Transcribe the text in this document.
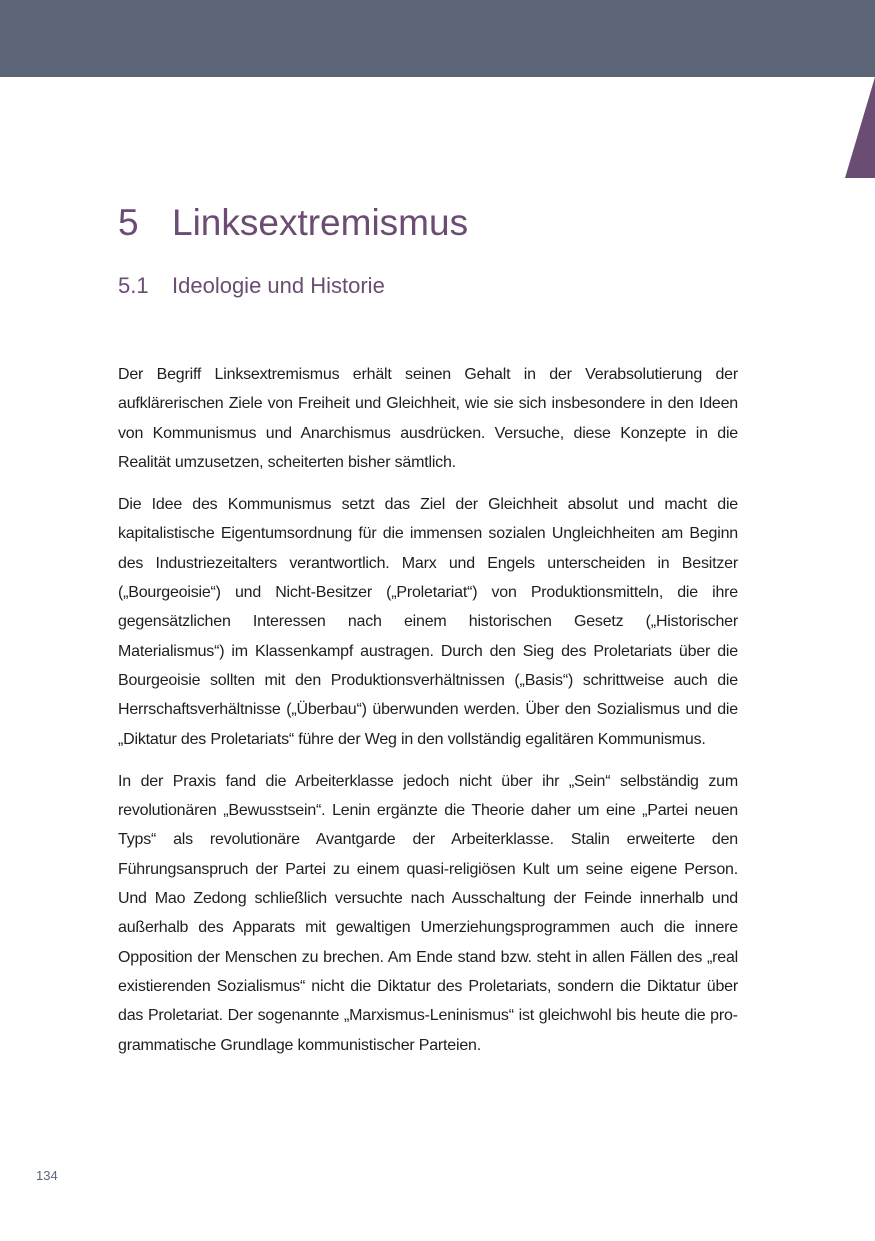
5 Linksextremismus
5.1 Ideologie und Historie

Der Begriff Linksextremismus erhält seinen Gehalt in der Verabsolutierung der aufklärerischen Ziele von Freiheit und Gleichheit, wie sie sich insbesondere in den Ideen von Kommunismus und Anarchismus ausdrücken. Versuche, diese Konzepte in die Realität umzusetzen, scheiterten bisher sämtlich.

Die Idee des Kommunismus setzt das Ziel der Gleichheit absolut und macht die kapitalistische Eigentumsordnung für die immensen sozialen Ungleichheiten am Beginn des Industriezeitalters verantwortlich. Marx und Engels unterscheiden in Besitzer („Bourgeoisie“) und Nicht-Besitzer („Proletariat“) von Produktionsmitteln, die ihre gegensätzlichen Interessen nach einem historischen Gesetz („Historischer Materialismus“) im Klassenkampf austragen. Durch den Sieg des Proletariats über die Bourgeoisie sollten mit den Produktionsverhältnissen („Basis“) schrittweise auch die Herrschaftsverhältnisse („Überbau“) überwunden werden. Über den Sozialismus und die „Diktatur des Proletariats“ führe der Weg in den vollständig egalitären Kommunismus.

In der Praxis fand die Arbeiterklasse jedoch nicht über ihr „Sein“ selbständig zum revolutionären „Bewusstsein“. Lenin ergänzte die Theorie daher um eine „Partei neuen Typs“ als revolutionäre Avantgarde der Arbeiterklasse. Stalin erweiterte den Führungsanspruch der Partei zu einem quasi-religiösen Kult um seine eigene Person. Und Mao Zedong schließlich versuchte nach Ausschaltung der Feinde innerhalb und außerhalb des Apparats mit gewaltigen Umerziehungsprogrammen auch die innere Opposition der Menschen zu brechen. Am Ende stand bzw. steht in allen Fällen des „real existierenden Sozialismus“ nicht die Diktatur des Proletariats, sondern die Diktatur über das Proletariat. Der sogenannte „Marxismus-Leninismus“ ist gleichwohl bis heute die programmatische Grundlage kommunistischer Parteien.

134
